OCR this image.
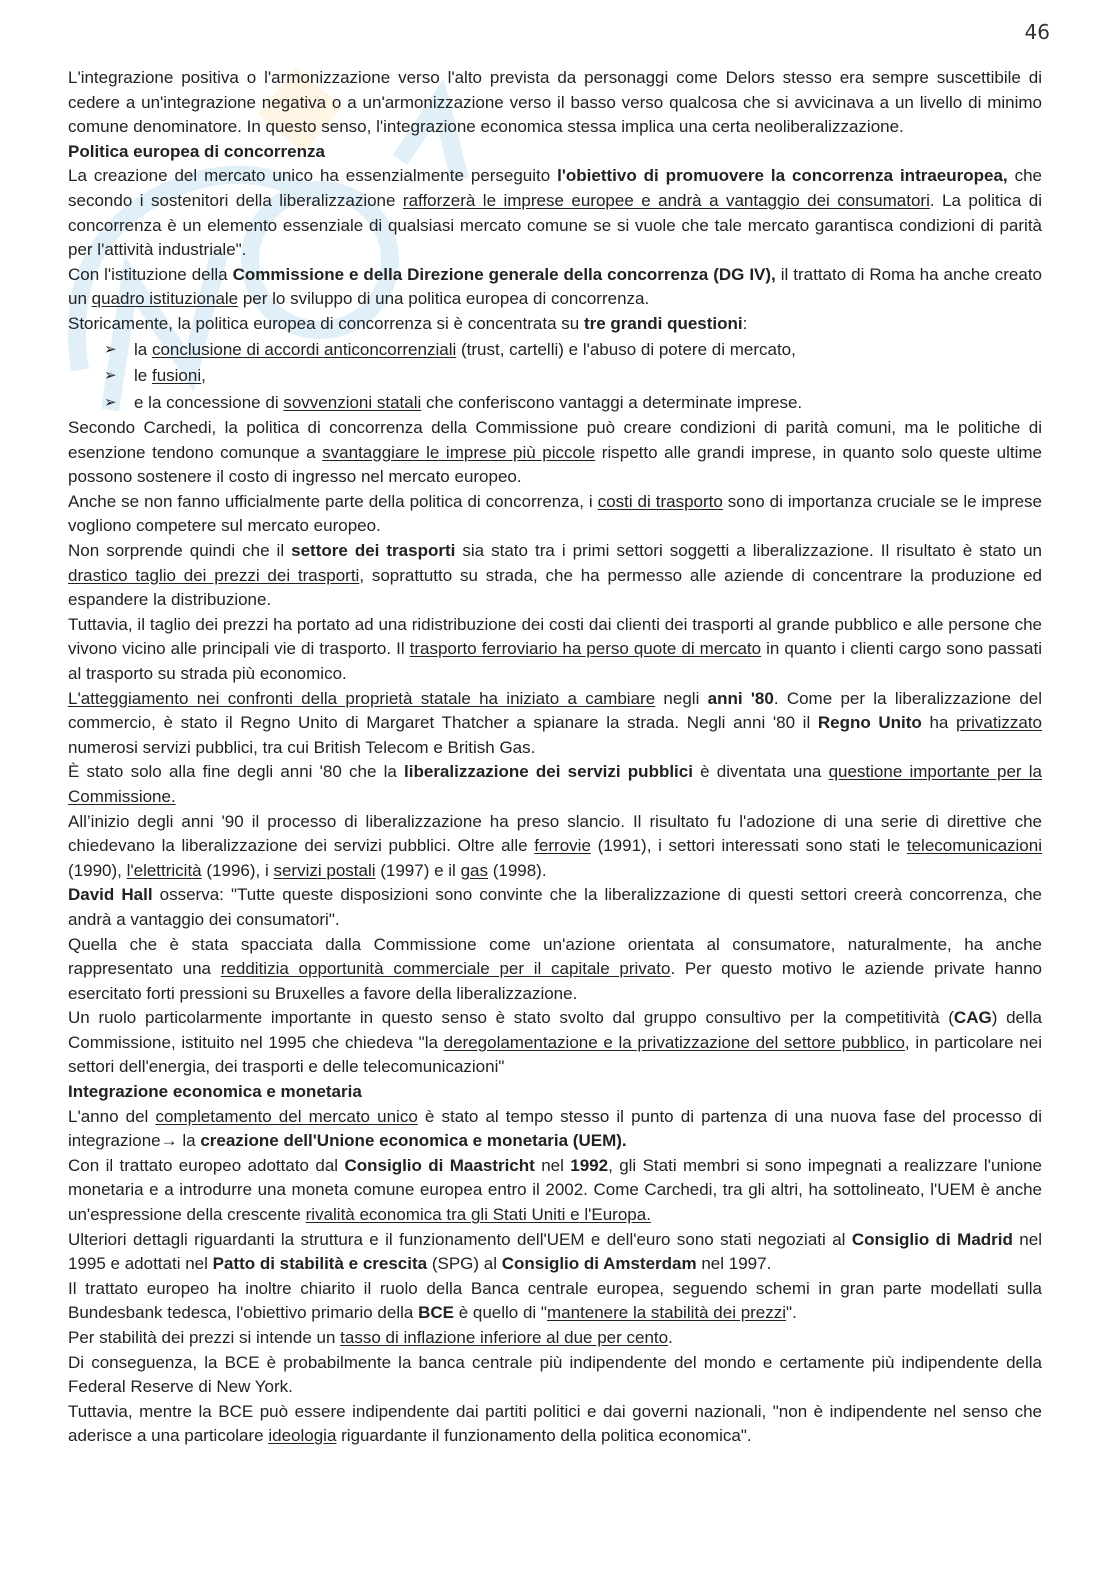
46

L'integrazione positiva o l'armonizzazione verso l'alto prevista da personaggi come Delors stesso era sempre suscettibile di cedere a un'integrazione negativa o a un'armonizzazione verso il basso verso qualcosa che si avvicinava a un livello di minimo comune denominatore. In questo senso, l'integrazione economica stessa implica una certa neoliberalizzazione.

Politica europea di concorrenza

La creazione del mercato unico ha essenzialmente perseguito l'obiettivo di promuovere la concorrenza intraeuropea, che secondo i sostenitori della liberalizzazione rafforzerà le imprese europee e andrà a vantaggio dei consumatori. La politica di concorrenza è un elemento essenziale di qualsiasi mercato comune se si vuole che tale mercato garantisca condizioni di parità per l'attività industriale".

Con l'istituzione della Commissione e della Direzione generale della concorrenza (DG IV), il trattato di Roma ha anche creato un quadro istituzionale per lo sviluppo di una politica europea di concorrenza.

Storicamente, la politica europea di concorrenza si è concentrata su tre grandi questioni:

➢ la conclusione di accordi anticoncorrenziali (trust, cartelli) e l'abuso di potere di mercato,
➢ le fusioni,
➢ e la concessione di sovvenzioni statali che conferiscono vantaggi a determinate imprese.

Secondo Carchedi, la politica di concorrenza della Commissione può creare condizioni di parità comuni, ma le politiche di esenzione tendono comunque a svantaggiare le imprese più piccole rispetto alle grandi imprese, in quanto solo queste ultime possono sostenere il costo di ingresso nel mercato europeo.

Anche se non fanno ufficialmente parte della politica di concorrenza, i costi di trasporto sono di importanza cruciale se le imprese vogliono competere sul mercato europeo.

Non sorprende quindi che il settore dei trasporti sia stato tra i primi settori soggetti a liberalizzazione. Il risultato è stato un drastico taglio dei prezzi dei trasporti, soprattutto su strada, che ha permesso alle aziende di concentrare la produzione ed espandere la distribuzione.

Tuttavia, il taglio dei prezzi ha portato ad una ridistribuzione dei costi dai clienti dei trasporti al grande pubblico e alle persone che vivono vicino alle principali vie di trasporto. Il trasporto ferroviario ha perso quote di mercato in quanto i clienti cargo sono passati al trasporto su strada più economico.

L'atteggiamento nei confronti della proprietà statale ha iniziato a cambiare negli anni '80. Come per la liberalizzazione del commercio, è stato il Regno Unito di Margaret Thatcher a spianare la strada. Negli anni '80 il Regno Unito ha privatizzato numerosi servizi pubblici, tra cui British Telecom e British Gas.

È stato solo alla fine degli anni '80 che la liberalizzazione dei servizi pubblici è diventata una questione importante per la Commissione.

All’inizio degli anni '90 il processo di liberalizzazione ha preso slancio. Il risultato fu l'adozione di una serie di direttive che chiedevano la liberalizzazione dei servizi pubblici. Oltre alle ferrovie (1991), i settori interessati sono stati le telecomunicazioni (1990), l'elettricità (1996), i servizi postali (1997) e il gas (1998).

David Hall osserva: "Tutte queste disposizioni sono convinte che la liberalizzazione di questi settori creerà concorrenza, che andrà a vantaggio dei consumatori".

Quella che è stata spacciata dalla Commissione come un'azione orientata al consumatore, naturalmente, ha anche rappresentato una redditizia opportunità commerciale per il capitale privato. Per questo motivo le aziende private hanno esercitato forti pressioni su Bruxelles a favore della liberalizzazione.

Un ruolo particolarmente importante in questo senso è stato svolto dal gruppo consultivo per la competitività (CAG) della Commissione, istituito nel 1995 che chiedeva "la deregolamentazione e la privatizzazione del settore pubblico, in particolare nei settori dell'energia, dei trasporti e delle telecomunicazioni"

Integrazione economica e monetaria

L'anno del completamento del mercato unico è stato al tempo stesso il punto di partenza di una nuova fase del processo di integrazione→ la creazione dell'Unione economica e monetaria (UEM).

Con il trattato europeo adottato dal Consiglio di Maastricht nel 1992, gli Stati membri si sono impegnati a realizzare l'unione monetaria e a introdurre una moneta comune europea entro il 2002. Come Carchedi, tra gli altri, ha sottolineato, l'UEM è anche un'espressione della crescente rivalità economica tra gli Stati Uniti e l'Europa.

Ulteriori dettagli riguardanti la struttura e il funzionamento dell'UEM e dell'euro sono stati negoziati al Consiglio di Madrid nel 1995 e adottati nel Patto di stabilità e crescita (SPG) al Consiglio di Amsterdam nel 1997.

Il trattato europeo ha inoltre chiarito il ruolo della Banca centrale europea, seguendo schemi in gran parte modellati sulla Bundesbank tedesca, l'obiettivo primario della BCE è quello di "mantenere la stabilità dei prezzi".

Per stabilità dei prezzi si intende un tasso di inflazione inferiore al due per cento.

Di conseguenza, la BCE è probabilmente la banca centrale più indipendente del mondo e certamente più indipendente della Federal Reserve di New York.

Tuttavia, mentre la BCE può essere indipendente dai partiti politici e dai governi nazionali, "non è indipendente nel senso che aderisce a una particolare ideologia riguardante il funzionamento della politica economica".
